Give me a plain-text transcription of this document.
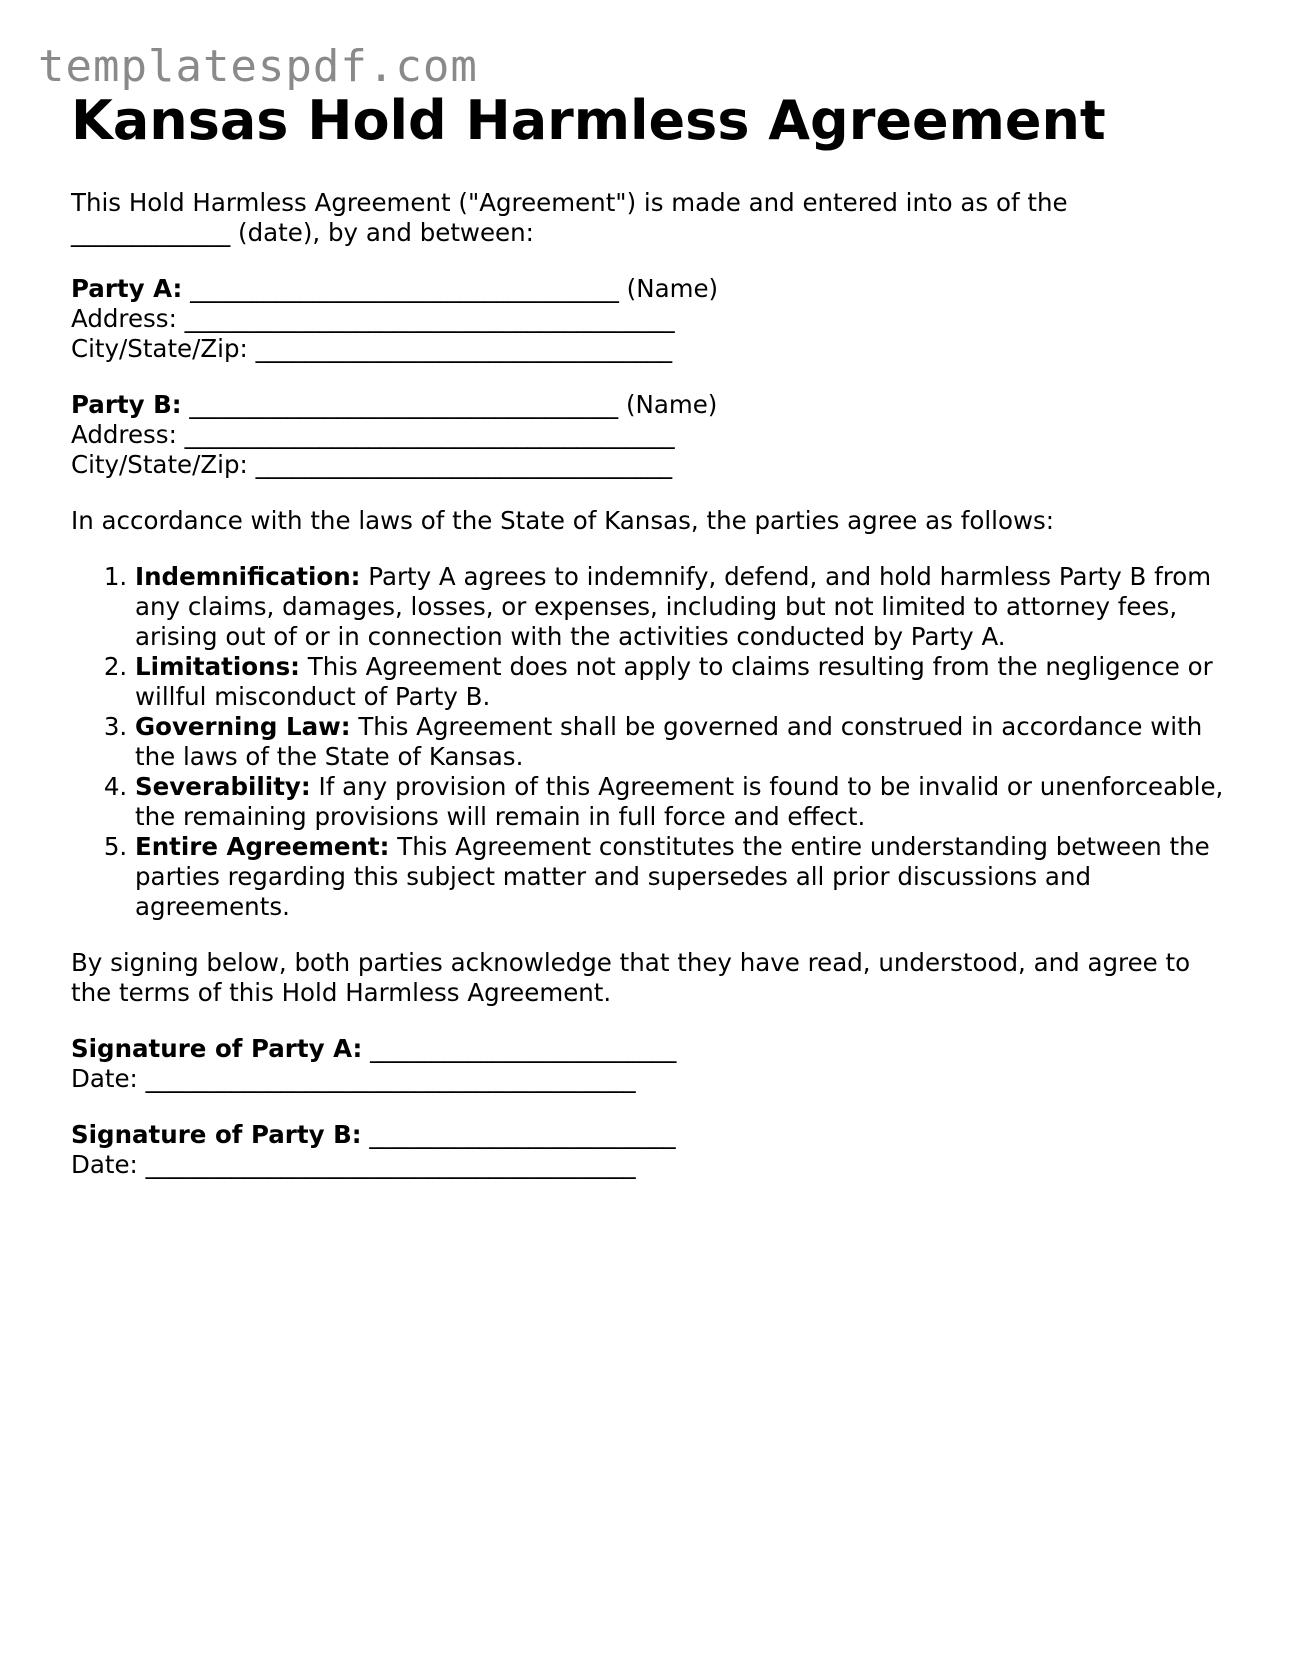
templatespdf.com
Kansas Hold Harmless Agreement
This Hold Harmless Agreement ("Agreement") is made and entered into as of the
_____________ (date), by and between:
Party A: ___________________________________ (Name)
Address: ________________________________________
City/State/Zip: __________________________________
Party B: ___________________________________ (Name)
Address: ________________________________________
City/State/Zip: __________________________________
In accordance with the laws of the State of Kansas, the parties agree as follows:
1. Indemnification: Party A agrees to indemnify, defend, and hold harmless Party B from any claims, damages, losses, or expenses, including but not limited to attorney fees, arising out of or in connection with the activities conducted by Party A.
2. Limitations: This Agreement does not apply to claims resulting from the negligence or willful misconduct of Party B.
3. Governing Law: This Agreement shall be governed and construed in accordance with the laws of the State of Kansas.
4. Severability: If any provision of this Agreement is found to be invalid or unenforceable, the remaining provisions will remain in full force and effect.
5. Entire Agreement: This Agreement constitutes the entire understanding between the parties regarding this subject matter and supersedes all prior discussions and agreements.
By signing below, both parties acknowledge that they have read, understood, and agree to the terms of this Hold Harmless Agreement.
Signature of Party A: _________________________
Date: ________________________________________
Signature of Party B: _________________________
Date: ________________________________________
